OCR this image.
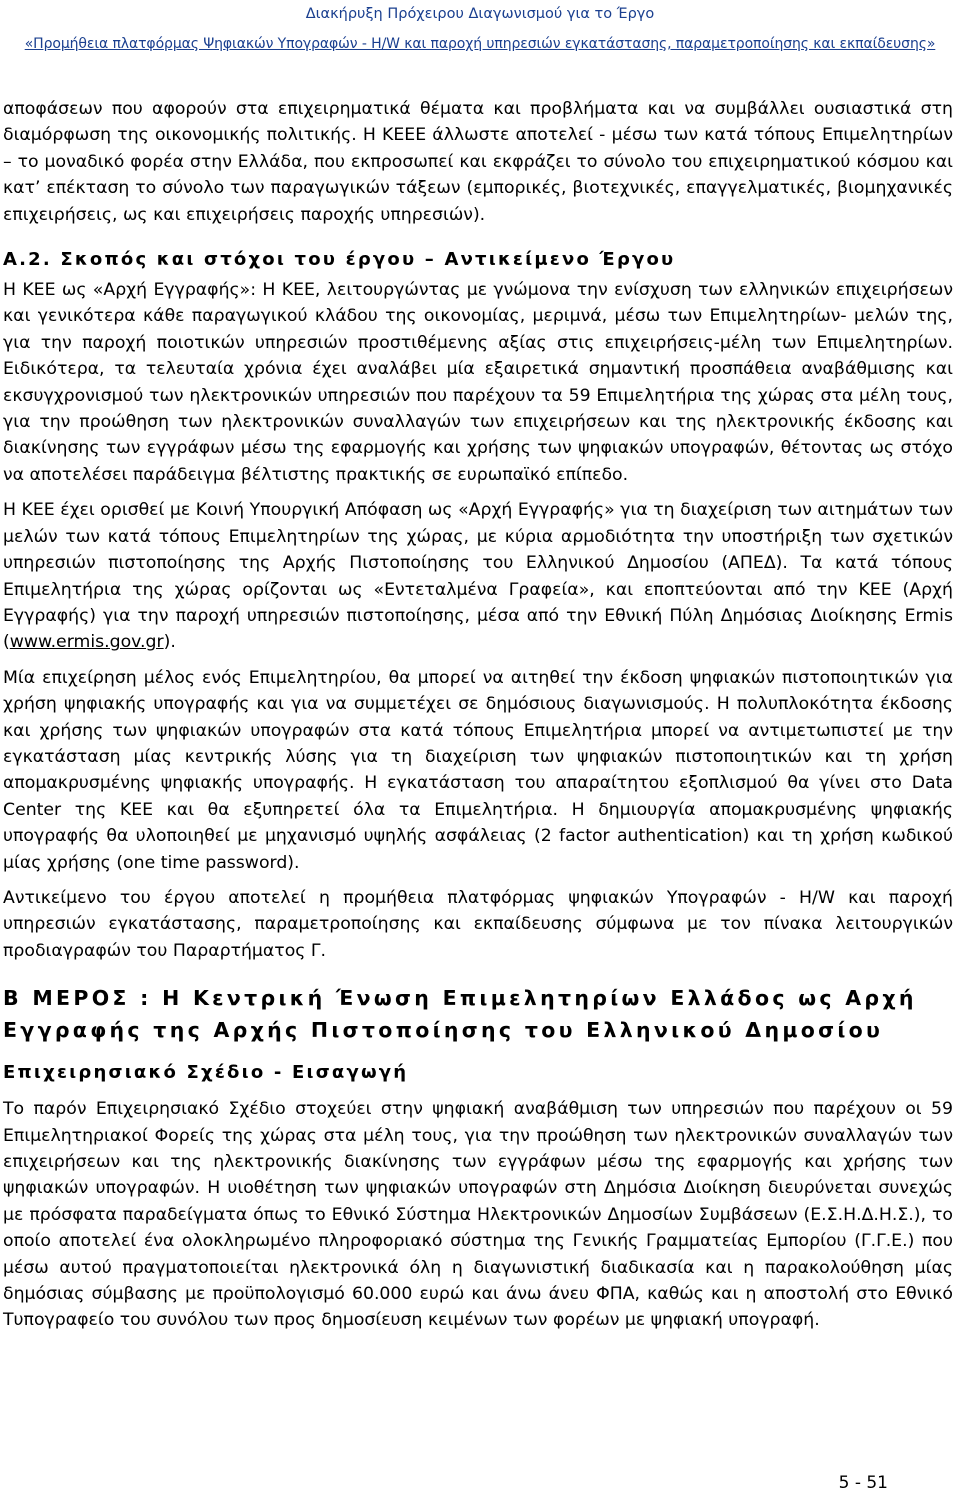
Διακήρυξη Πρόχειρου Διαγωνισμού για το Έργο
«Προμήθεια πλατφόρμας Ψηφιακών Υπογραφών - H/W και παροχή υπηρεσιών εγκατάστασης, παραμετροποίησης και εκπαίδευσης»

αποφάσεων που αφορούν στα επιχειρηματικά θέματα και προβλήματα και να συμβάλλει ουσιαστικά στη διαμόρφωση της οικονομικής πολιτικής. Η ΚΕΕΕ άλλωστε αποτελεί - μέσω των κατά τόπους Επιμελητηρίων – το μοναδικό φορέα στην Ελλάδα, που εκπροσωπεί και εκφράζει το σύνολο του επιχειρηματικού κόσμου και κατ’ επέκταση το σύνολο των παραγωγικών τάξεων (εμπορικές, βιοτεχνικές, επαγγελματικές, βιομηχανικές επιχειρήσεις, ως και επιχειρήσεις παροχής υπηρεσιών).

Α.2. Σκοπός και στόχοι του έργου – Αντικείμενο Έργου

Η ΚΕΕ ως «Αρχή Εγγραφής»: Η ΚΕΕ, λειτουργώντας με γνώμονα την ενίσχυση των ελληνικών επιχειρήσεων και γενικότερα κάθε παραγωγικού κλάδου της οικονομίας, μεριμνά, μέσω των Επιμελητηρίων- μελών της, για την παροχή ποιοτικών υπηρεσιών προστιθέμενης αξίας στις επιχειρήσεις-μέλη των Επιμελητηρίων. Ειδικότερα, τα τελευταία χρόνια έχει αναλάβει μία εξαιρετικά σημαντική προσπάθεια αναβάθμισης και εκσυγχρονισμού των ηλεκτρονικών υπηρεσιών που παρέχουν τα 59 Επιμελητήρια της χώρας στα μέλη τους, για την προώθηση των ηλεκτρονικών συναλλαγών των επιχειρήσεων και της ηλεκτρονικής έκδοσης και διακίνησης των εγγράφων μέσω της εφαρμογής και χρήσης των ψηφιακών υπογραφών, θέτοντας ως στόχο να αποτελέσει παράδειγμα βέλτιστης πρακτικής σε ευρωπαϊκό επίπεδο.

Η ΚΕΕ έχει ορισθεί με Κοινή Υπουργική Απόφαση ως «Αρχή Εγγραφής» για τη διαχείριση των αιτημάτων των μελών των κατά τόπους Επιμελητηρίων της χώρας, με κύρια αρμοδιότητα την υποστήριξη των σχετικών υπηρεσιών πιστοποίησης της Αρχής Πιστοποίησης του Ελληνικού Δημοσίου (ΑΠΕΔ). Τα κατά τόπους Επιμελητήρια της χώρας ορίζονται ως «Εντεταλμένα Γραφεία», και εποπτεύονται από την ΚΕΕ (Αρχή Εγγραφής) για την παροχή υπηρεσιών πιστοποίησης, μέσα από την Εθνική Πύλη Δημόσιας Διοίκησης Ermis (www.ermis.gov.gr).

Μία επιχείρηση μέλος ενός Επιμελητηρίου, θα μπορεί να αιτηθεί την έκδοση ψηφιακών πιστοποιητικών για χρήση ψηφιακής υπογραφής και για να συμμετέχει σε δημόσιους διαγωνισμούς. Η πολυπλοκότητα έκδοσης και χρήσης των ψηφιακών υπογραφών στα κατά τόπους Επιμελητήρια μπορεί να αντιμετωπιστεί με την εγκατάσταση μίας κεντρικής λύσης για τη διαχείριση των ψηφιακών πιστοποιητικών και τη χρήση απομακρυσμένης ψηφιακής υπογραφής. Η εγκατάσταση του απαραίτητου εξοπλισμού θα γίνει στο Data Center της ΚΕΕ και θα εξυπηρετεί όλα τα Επιμελητήρια. Η δημιουργία απομακρυσμένης ψηφιακής υπογραφής θα υλοποιηθεί με μηχανισμό υψηλής ασφάλειας (2 factor authentication) και τη χρήση κωδικού μίας χρήσης (one time password).

Αντικείμενο του έργου αποτελεί η προμήθεια πλατφόρμας ψηφιακών Υπογραφών - H/W και παροχή υπηρεσιών εγκατάστασης, παραμετροποίησης και εκπαίδευσης σύμφωνα με τον πίνακα λειτουργικών προδιαγραφών του Παραρτήματος Γ.

Β ΜΕΡΟΣ : Η Κεντρική Ένωση Επιμελητηρίων Ελλάδος ως Αρχή Εγγραφής της Αρχής Πιστοποίησης του Ελληνικού Δημοσίου
Επιχειρησιακό Σχέδιο - Εισαγωγή

Το παρόν Επιχειρησιακό Σχέδιο στοχεύει στην ψηφιακή αναβάθμιση των υπηρεσιών που παρέχουν οι 59 Επιμελητηριακοί Φορείς της χώρας στα μέλη τους, για την προώθηση των ηλεκτρονικών συναλλαγών των επιχειρήσεων και της ηλεκτρονικής διακίνησης των εγγράφων μέσω της εφαρμογής και χρήσης των ψηφιακών υπογραφών. Η υιοθέτηση των ψηφιακών υπογραφών στη Δημόσια Διοίκηση διευρύνεται συνεχώς με πρόσφατα παραδείγματα όπως το Εθνικό Σύστημα Ηλεκτρονικών Δημοσίων Συμβάσεων (Ε.Σ.Η.Δ.Η.Σ.), το οποίο αποτελεί ένα ολοκληρωμένο πληροφοριακό σύστημα της Γενικής Γραμματείας Εμπορίου (Γ.Γ.Ε.) που μέσω αυτού πραγματοποιείται ηλεκτρονικά όλη η διαγωνιστική διαδικασία και η παρακολούθηση μίας δημόσιας σύμβασης με προϋπολογισμό 60.000 ευρώ και άνω άνευ ΦΠΑ, καθώς και η αποστολή στο Εθνικό Τυπογραφείο του συνόλου των προς δημοσίευση κειμένων των φορέων με ψηφιακή υπογραφή.

5 - 51
